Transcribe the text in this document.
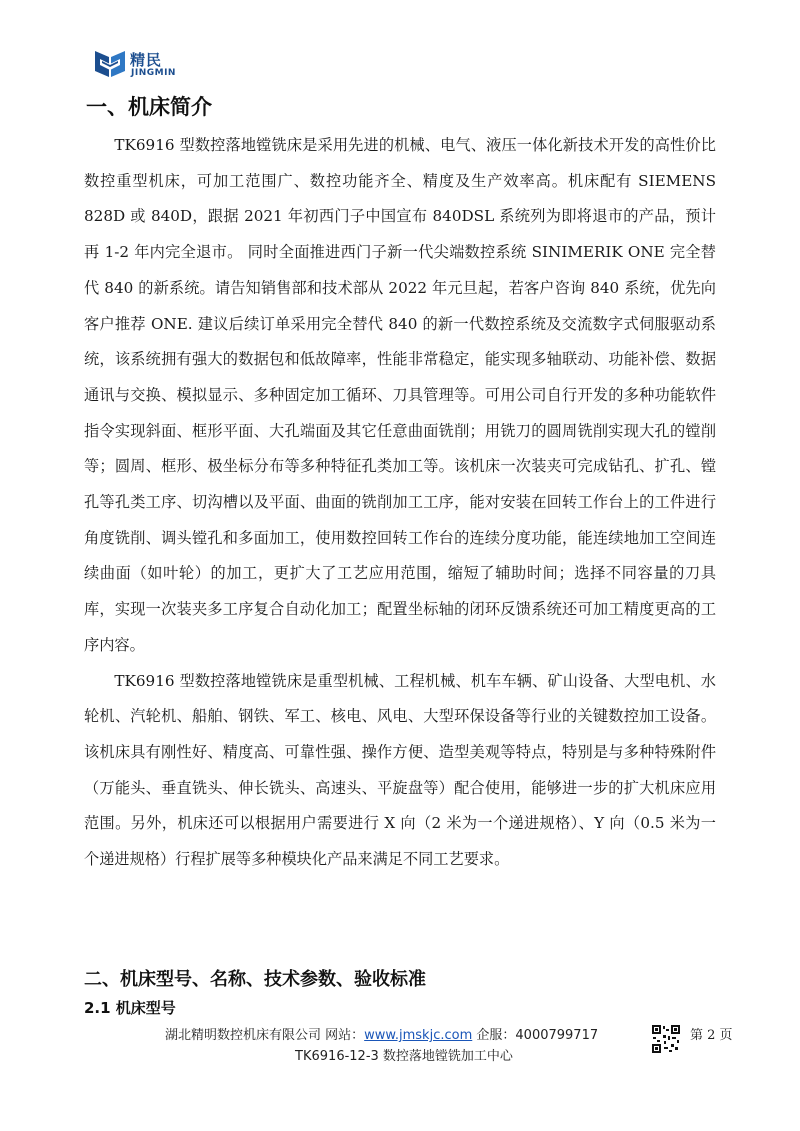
精民
JINGMIN
一、机床简介

TK6916 型数控落地镗铣床是采用先进的机械、电气、液压一体化新技术开发的高性价比数控重型机床，可加工范围广、数控功能齐全、精度及生产效率高。机床配有 SIEMENS 828D 或 840D，跟据 2021 年初西门子中国宣布 840DSL 系统列为即将退市的产品，预计再 1-2 年内完全退市。 同时全面推进西门子新一代尖端数控系统 SINIMERIK ONE 完全替代 840 的新系统。请告知销售部和技术部从 2022 年元旦起，若客户咨询 840 系统，优先向客户推荐 ONE. 建议后续订单采用完全替代 840 的新一代数控系统及交流数字式伺服驱动系统，该系统拥有强大的数据包和低故障率，性能非常稳定，能实现多轴联动、功能补偿、数据通讯与交换、模拟显示、多种固定加工循环、刀具管理等。可用公司自行开发的多种功能软件指令实现斜面、框形平面、大孔端面及其它任意曲面铣削；用铣刀的圆周铣削实现大孔的镗削等；圆周、框形、极坐标分布等多种特征孔类加工等。该机床一次装夹可完成钻孔、扩孔、镗孔等孔类工序、切沟槽以及平面、曲面的铣削加工工序，能对安装在回转工作台上的工件进行角度铣削、调头镗孔和多面加工，使用数控回转工作台的连续分度功能，能连续地加工空间连续曲面（如叶轮）的加工，更扩大了工艺应用范围，缩短了辅助时间；选择不同容量的刀具库，实现一次装夹多工序复合自动化加工；配置坐标轴的闭环反馈系统还可加工精度更高的工序内容。

TK6916 型数控落地镗铣床是重型机械、工程机械、机车车辆、矿山设备、大型电机、水轮机、汽轮机、船舶、钢铁、军工、核电、风电、大型环保设备等行业的关键数控加工设备。该机床具有刚性好、精度高、可靠性强、操作方便、造型美观等特点，特别是与多种特殊附件（万能头、垂直铣头、伸长铣头、高速头、平旋盘等）配合使用，能够进一步的扩大机床应用范围。另外，机床还可以根据用户需要进行 X 向（2 米为一个递进规格）、Y 向（0.5 米为一个递进规格）行程扩展等多种模块化产品来满足不同工艺要求。

二、机床型号、名称、技术参数、验收标准
2.1 机床型号
湖北精明数控机床有限公司 网站：www.jmskjc.com 企服：4000799717	第 2 页
TK6916-12-3 数控落地镗铣加工中心
